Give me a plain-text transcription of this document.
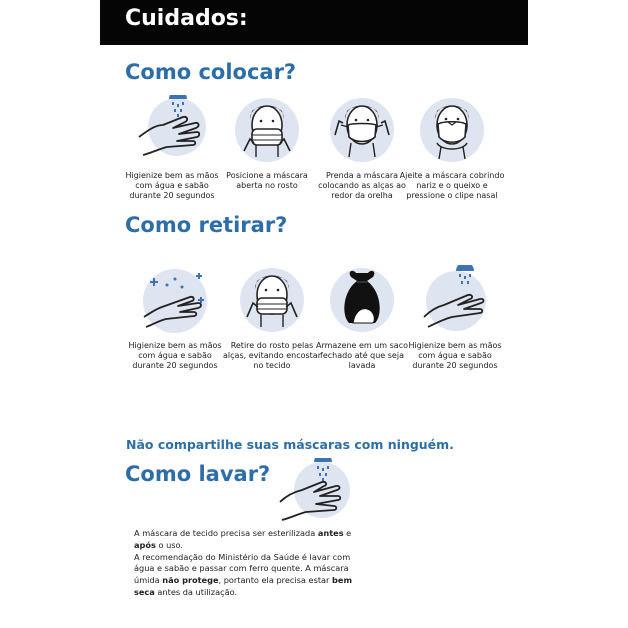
Cuidados:
Como colocar?
Higienize bem as mãos com água e sabão durante 20 segundos
Posicione a máscara aberta no rosto
Prenda a máscara colocando as alças ao redor da orelha
Ajeite a máscara cobrindo nariz e o queixo e pressione o clipe nasal
Como retirar?
Higienize bem as mãos com água e sabão durante 20 segundos
Retire do rosto pelas alças, evitando encostar no tecido
Armazene em um saco fechado até que seja lavada
Higienize bem as mãos com água e sabão durante 20 segundos
Não compartilhe suas máscaras com ninguém.
Como lavar?

A máscara de tecido precisa ser esterilizada antes e após o uso.

A recomendação do Ministério da Saúde é lavar com água e sabão e passar com ferro quente. A máscara úmida não protege, portanto ela precisa estar bem seca antes da utilização.
